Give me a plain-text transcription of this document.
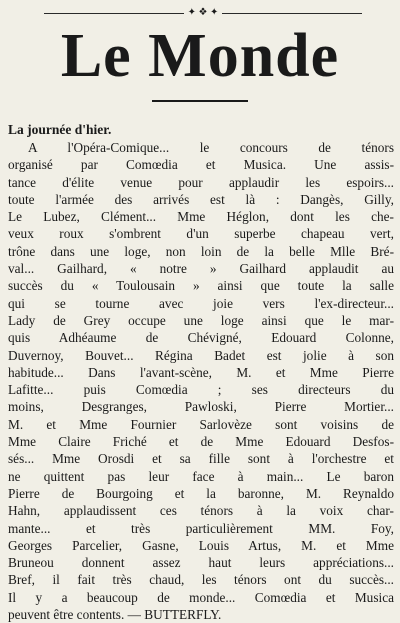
✦ ❖ ✦
Le Monde
La journée d'hier.
A l'Opéra-Comique... le concours de ténors
organisé par Comœdia et Musica. Une assis-
tance d'élite venue pour applaudir les espoirs...
toute l'armée des arrivés est là : Dangès, Gilly,
Le Lubez, Clément... Mme Héglon, dont les che-
veux roux s'ombrent d'un superbe chapeau vert,
trône dans une loge, non loin de la belle Mlle Bré-
val... Gailhard, « notre » Gailhard applaudit au
succès du « Toulousain » ainsi que toute la salle
qui se tourne avec joie vers l'ex-directeur...
Lady de Grey occupe une loge ainsi que le mar-
quis Adhéaume de Chévigné, Edouard Colonne,
Duvernoy, Bouvet... Régina Badet est jolie à son
habitude... Dans l'avant-scène, M. et Mme Pierre
Lafitte... puis Comœdia ; ses directeurs du
moins, Desgranges, Pawloski, Pierre Mortier...
M. et Mme Fournier Sarlovèze sont voisins de
Mme Claire Friché et de Mme Edouard Desfos-
sés... Mme Orosdi et sa fille sont à l'orchestre et
ne quittent pas leur face à main... Le baron
Pierre de Bourgoing et la baronne, M. Reynaldo
Hahn, applaudissent ces ténors à la voix char-
mante... et très particulièrement MM. Foy,
Georges Parcelier, Gasne, Louis Artus, M. et Mme
Bruneou donnent assez haut leurs appréciations...
Bref, il fait très chaud, les ténors ont du succès...
Il y a beaucoup de monde... Comœdia et Musica
peuvent être contents. — BUTTERFLY.
